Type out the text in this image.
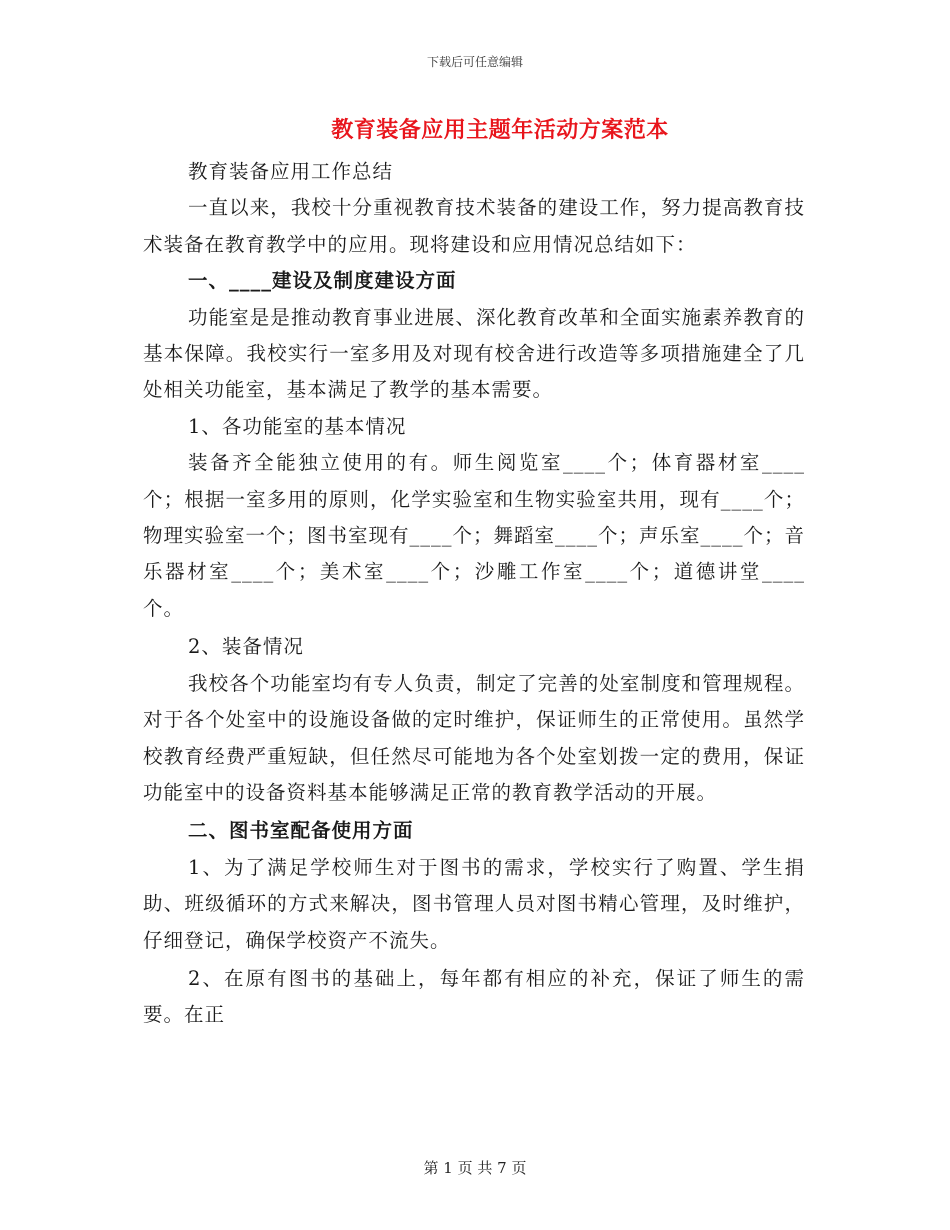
下载后可任意编辑
教育装备应用主题年活动方案范本

教育装备应用工作总结

一直以来，我校十分重视教育技术装备的建设工作，努力提高教育技术装备在教育教学中的应用。现将建设和应用情况总结如下：

一、____建设及制度建设方面

功能室是是推动教育事业进展、深化教育改革和全面实施素养教育的基本保障。我校实行一室多用及对现有校舍进行改造等多项措施建全了几处相关功能室，基本满足了教学的基本需要。

1、各功能室的基本情况

装备齐全能独立使用的有。师生阅览室____个；体育器材室____个；根据一室多用的原则，化学实验室和生物实验室共用，现有____个；物理实验室一个；图书室现有____个；舞蹈室____个；声乐室____个；音乐器材室____个；美术室____个；沙雕工作室____个；道德讲堂____个。

2、装备情况

我校各个功能室均有专人负责，制定了完善的处室制度和管理规程。对于各个处室中的设施设备做的定时维护，保证师生的正常使用。虽然学校教育经费严重短缺，但任然尽可能地为各个处室划拨一定的费用，保证功能室中的设备资料基本能够满足正常的教育教学活动的开展。

二、图书室配备使用方面

1、为了满足学校师生对于图书的需求，学校实行了购置、学生捐助、班级循环的方式来解决，图书管理人员对图书精心管理，及时维护，仔细登记，确保学校资产不流失。

2、在原有图书的基础上，每年都有相应的补充，保证了师生的需要。在正

第 1 页 共 7 页
